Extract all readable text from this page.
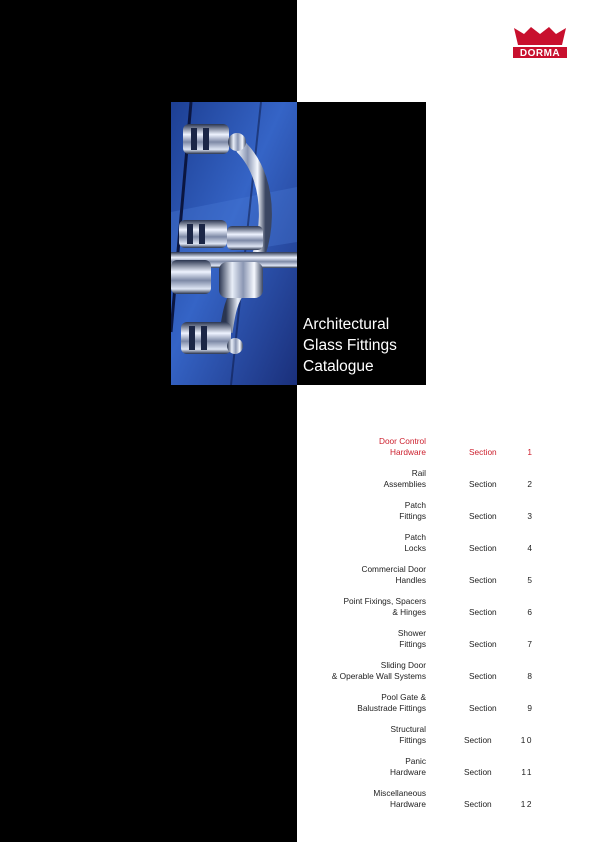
DORMA
Architectural
Glass Fittings
Catalogue
Door Control
Hardware	Section	1
Rail
Assemblies	Section	2
Patch
Fittings	Section	3
Patch
Locks	Section	4
Commercial Door
Handles	Section	5
Point Fixings, Spacers
& Hinges	Section	6
Shower
Fittings	Section	7
Sliding Door
& Operable Wall Systems	Section	8
Pool Gate &
Balustrade Fittings	Section	9
Structural
Fittings	Section	10
Panic
Hardware	Section	11
Miscellaneous
Hardware	Section	12
